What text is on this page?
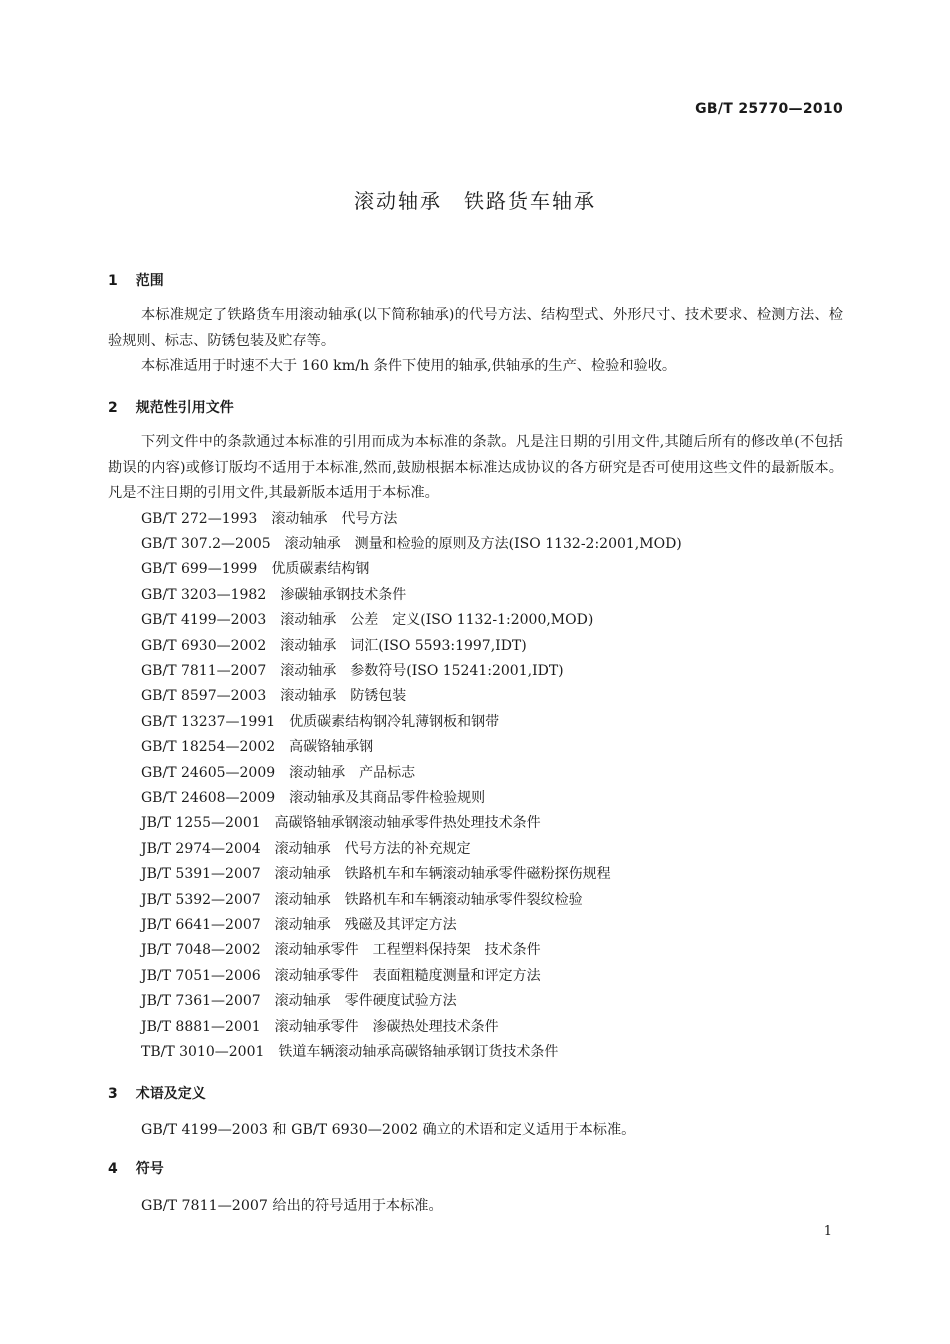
GB/T 25770—2010
滚动轴承　铁路货车轴承
1 范围

本标准规定了铁路货车用滚动轴承(以下简称轴承)的代号方法、结构型式、外形尺寸、技术要求、检测方法、检验规则、标志、防锈包装及贮存等。

本标准适用于时速不大于 160 km/h 条件下使用的轴承,供轴承的生产、检验和验收。

2 规范性引用文件

下列文件中的条款通过本标准的引用而成为本标准的条款。凡是注日期的引用文件,其随后所有的修改单(不包括勘误的内容)或修订版均不适用于本标准,然而,鼓励根据本标准达成协议的各方研究是否可使用这些文件的最新版本。凡是不注日期的引用文件,其最新版本适用于本标准。

GB/T 272—1993　滚动轴承　代号方法
GB/T 307.2—2005　滚动轴承　测量和检验的原则及方法(ISO 1132-2:2001,MOD)
GB/T 699—1999　优质碳素结构钢
GB/T 3203—1982　渗碳轴承钢技术条件
GB/T 4199—2003　滚动轴承　公差　定义(ISO 1132-1:2000,MOD)
GB/T 6930—2002　滚动轴承　词汇(ISO 5593:1997,IDT)
GB/T 7811—2007　滚动轴承　参数符号(ISO 15241:2001,IDT)
GB/T 8597—2003　滚动轴承　防锈包装
GB/T 13237—1991　优质碳素结构钢冷轧薄钢板和钢带
GB/T 18254—2002　高碳铬轴承钢
GB/T 24605—2009　滚动轴承　产品标志
GB/T 24608—2009　滚动轴承及其商品零件检验规则
JB/T 1255—2001　高碳铬轴承钢滚动轴承零件热处理技术条件
JB/T 2974—2004　滚动轴承　代号方法的补充规定
JB/T 5391—2007　滚动轴承　铁路机车和车辆滚动轴承零件磁粉探伤规程
JB/T 5392—2007　滚动轴承　铁路机车和车辆滚动轴承零件裂纹检验
JB/T 6641—2007　滚动轴承　残磁及其评定方法
JB/T 7048—2002　滚动轴承零件　工程塑料保持架　技术条件
JB/T 7051—2006　滚动轴承零件　表面粗糙度测量和评定方法
JB/T 7361—2007　滚动轴承　零件硬度试验方法
JB/T 8881—2001　滚动轴承零件　渗碳热处理技术条件
TB/T 3010—2001　铁道车辆滚动轴承高碳铬轴承钢订货技术条件
3 术语及定义

GB/T 4199—2003 和 GB/T 6930—2002 确立的术语和定义适用于本标准。

4 符号

GB/T 7811—2007 给出的符号适用于本标准。

1
